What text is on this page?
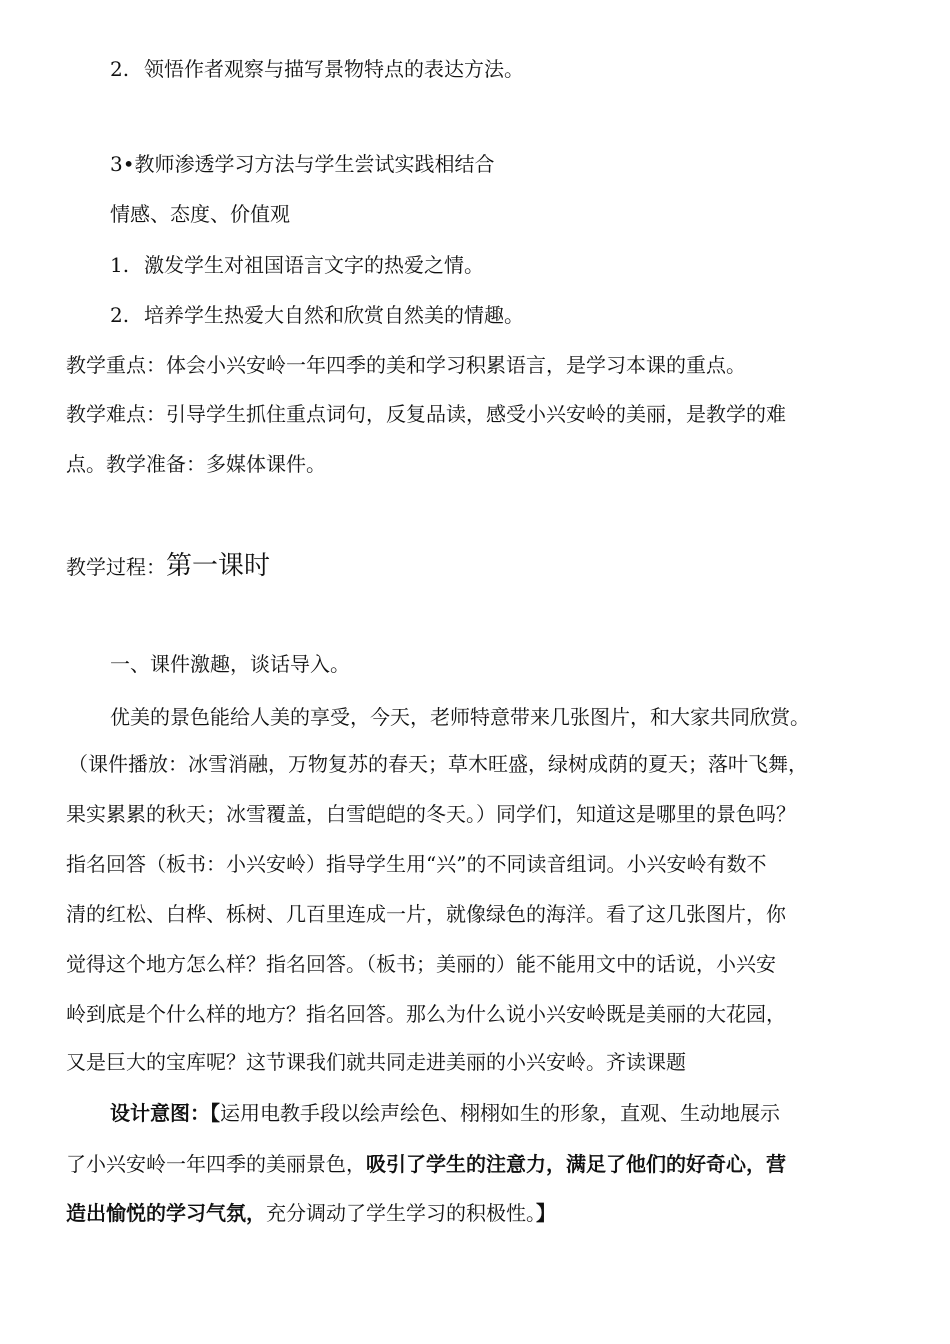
2. 领悟作者观察与描写景物特点的表达方法。
3•教师渗透学习方法与学生尝试实践相结合
情感、态度、价值观
1. 激发学生对祖国语言文字的热爱之情。
2. 培养学生热爱大自然和欣赏自然美的情趣。
教学重点：体会小兴安岭一年四季的美和学习积累语言，是学习本课的重点。
教学难点：引导学生抓住重点词句，反复品读，感受小兴安岭的美丽，是教学的难
点。教学准备：多媒体课件。
教学过程：第一课时
一、课件激趣，谈话导入。
优美的景色能给人美的享受，今天，老师特意带来几张图片，和大家共同欣赏。
（课件播放：冰雪消融，万物复苏的春天；草木旺盛，绿树成荫的夏天；落叶飞舞，
果实累累的秋天；冰雪覆盖，白雪皑皑的冬天。）同学们，知道这是哪里的景色吗？
指名回答（板书：小兴安岭）指导学生用“兴”的不同读音组词。小兴安岭有数不
清的红松、白桦、栎树、几百里连成一片，就像绿色的海洋。看了这几张图片，你
觉得这个地方怎么样？指名回答。（板书；美丽的）能不能用文中的话说，小兴安
岭到底是个什么样的地方？指名回答。那么为什么说小兴安岭既是美丽的大花园，
又是巨大的宝库呢？这节课我们就共同走进美丽的小兴安岭。齐读课题
设计意图：【运用电教手段以绘声绘色、栩栩如生的形象，直观、生动地展示
了小兴安岭一年四季的美丽景色，吸引了学生的注意力，满足了他们的好奇心，营
造出愉悦的学习气氛，充分调动了学生学习的积极性。】
